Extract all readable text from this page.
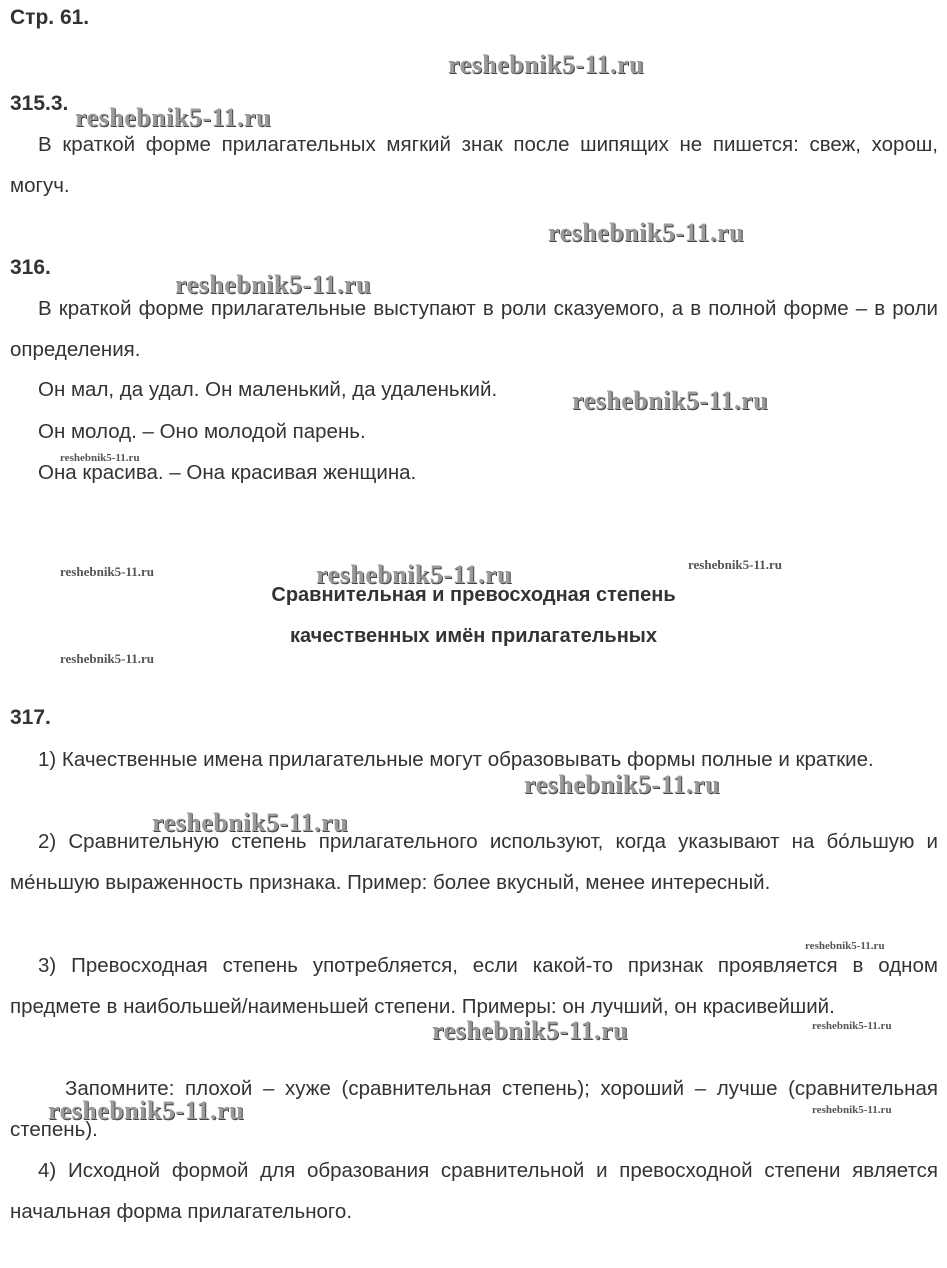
Стр. 61.
315.3.
В краткой форме прилагательных мягкий знак после шипящих не пишется: свеж, хорош, могуч.
316.
В краткой форме прилагательные выступают в роли сказуемого, а в полной форме – в роли определения.
Он мал, да удал. Он маленький, да удаленький.
Он молод. – Оно молодой парень.
Она красива. – Она красивая женщина.
Сравнительная и превосходная степень
качественных имён прилагательных
317.
1) Качественные имена прилагательные могут образовывать формы полные и краткие.
2) Сравнительную степень прилагательного используют, когда указывают на бо́льшую и ме́ньшую выраженность признака. Пример: более вкусный, менее интересный.
3) Превосходная степень употребляется, если какой-то признак проявляется в одном предмете в наибольшей/наименьшей степени. Примеры: он лучший, он красивейший.
Запомните: плохой – хуже (сравнительная степень); хороший – лучше (сравнительная степень).
4) Исходной формой для образования сравнительной и превосходной степени является начальная форма прилагательного.
reshebnik5-11.ru
reshebnik5-11.ru
reshebnik5-11.ru
reshebnik5-11.ru
reshebnik5-11.ru
reshebnik5-11.ru
reshebnik5-11.ru	reshebnik5-11.ru	reshebnik5-11.ru
reshebnik5-11.ru
reshebnik5-11.ru
reshebnik5-11.ru
reshebnik5-11.ru
reshebnik5-11.ru	reshebnik5-11.ru
reshebnik5-11.ru	reshebnik5-11.ru
